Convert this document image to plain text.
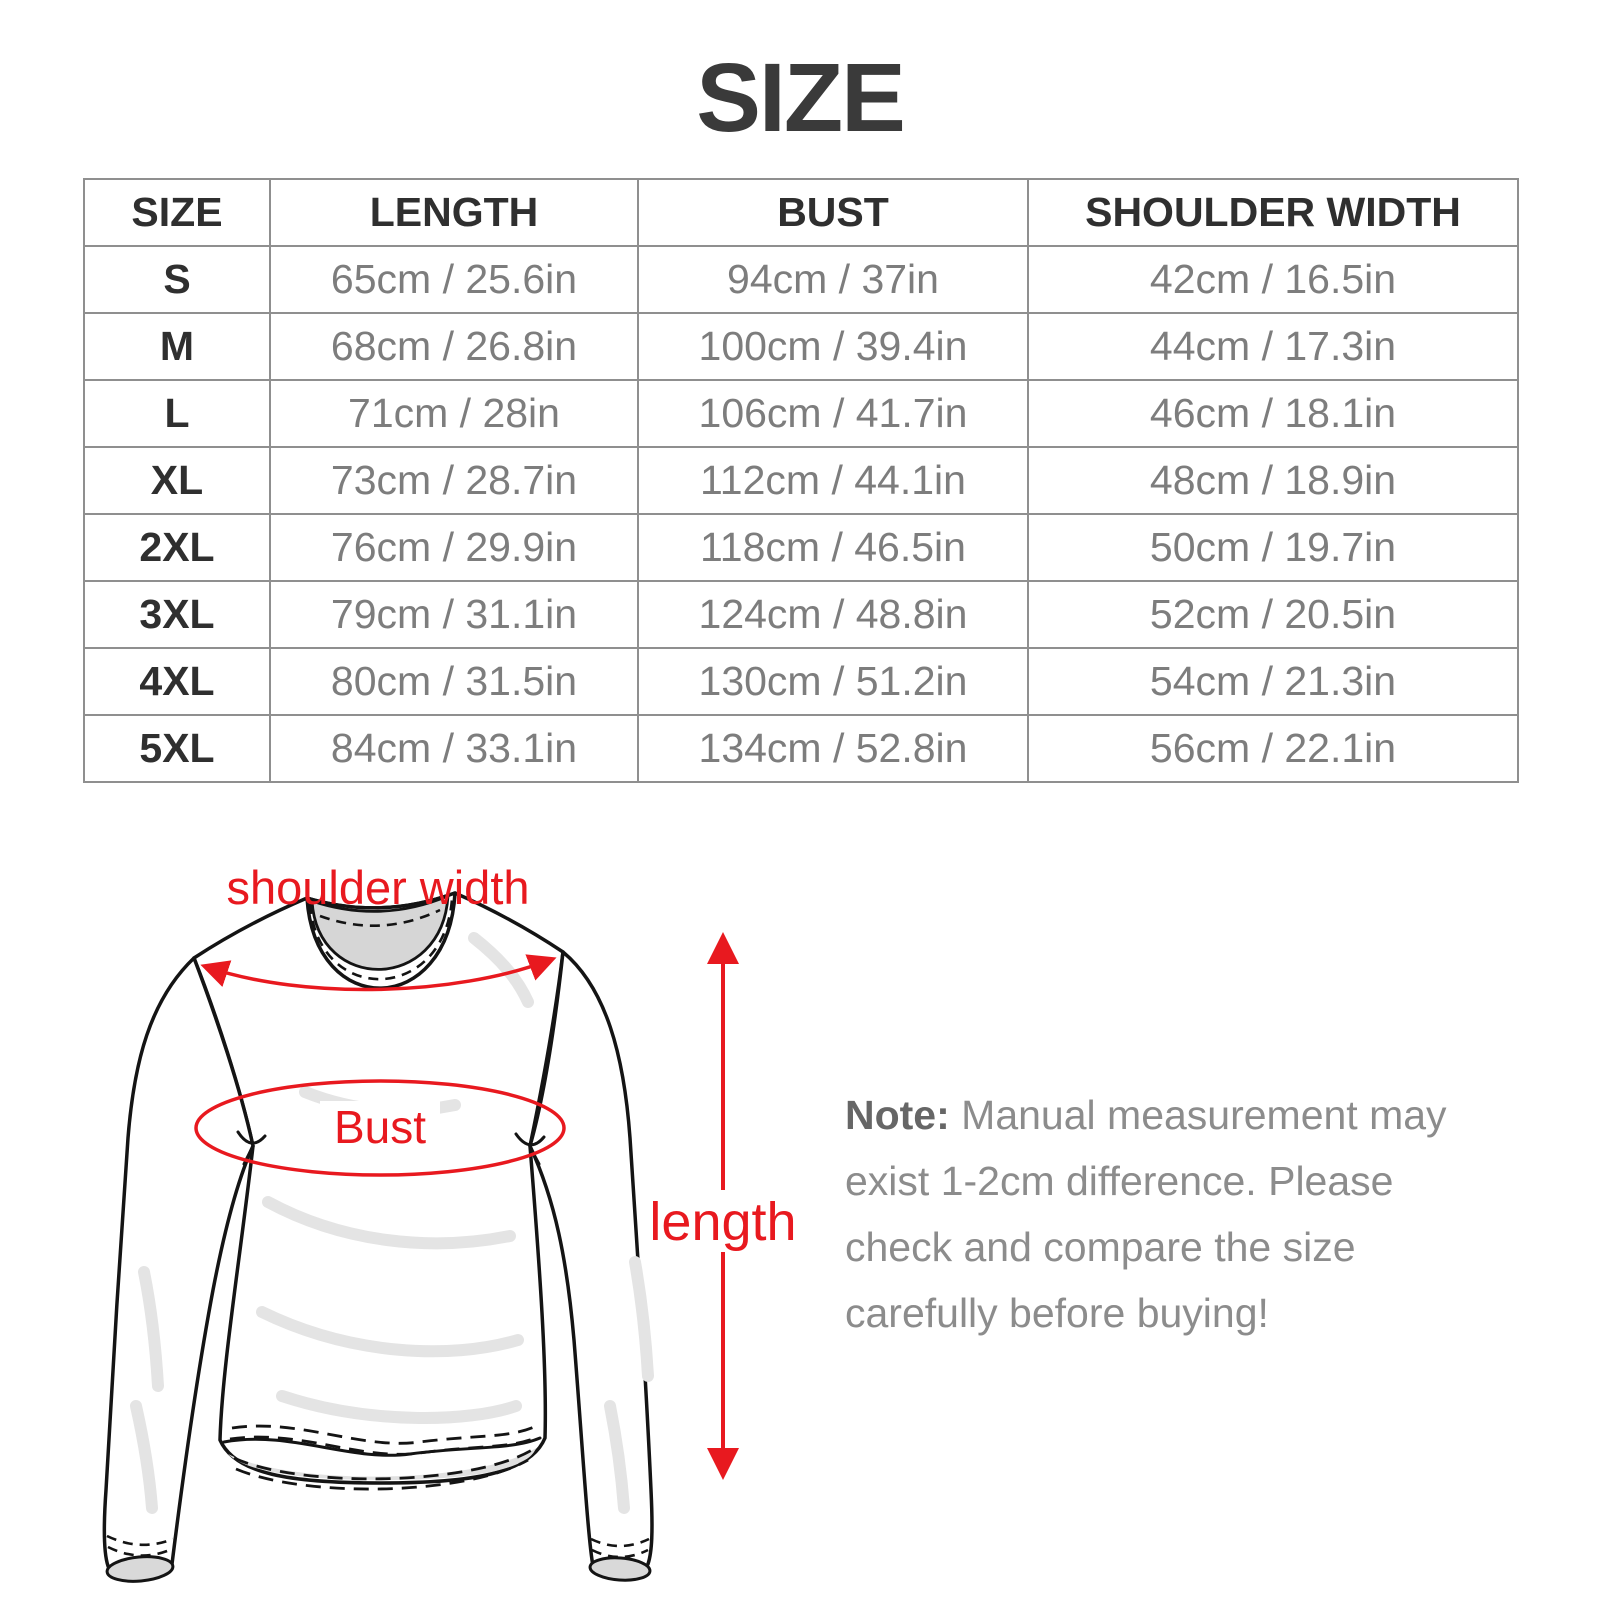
SIZE
SIZE	LENGTH	BUST	SHOULDER WIDTH
S	65cm / 25.6in	94cm / 37in	42cm / 16.5in
M	68cm / 26.8in	100cm / 39.4in	44cm / 17.3in
L	71cm / 28in	106cm / 41.7in	46cm / 18.1in
XL	73cm / 28.7in	112cm / 44.1in	48cm / 18.9in
2XL	76cm / 29.9in	118cm / 46.5in	50cm / 19.7in
3XL	79cm / 31.1in	124cm / 48.8in	52cm / 20.5in
4XL	80cm / 31.5in	130cm / 51.2in	54cm / 21.3in
5XL	84cm / 33.1in	134cm / 52.8in	56cm / 22.1in
shoulder width
Bust
length
Note: Manual measurement may exist 1-2cm difference. Please check and compare the size carefully before buying!
